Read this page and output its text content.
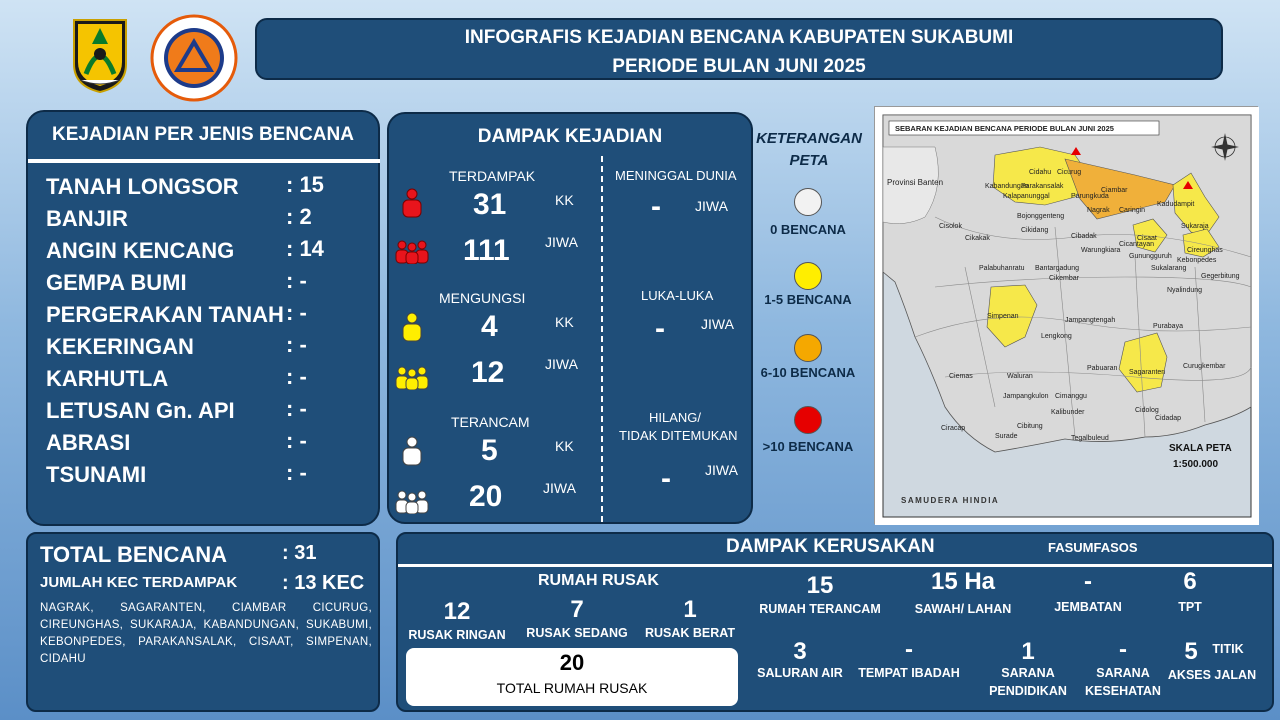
INFOGRAFIS KEJADIAN BENCANA KABUPATEN SUKABUMI
PERIODE BULAN JUNI 2025
KEJADIAN PER JENIS BENCANA
TANAH LONGSOR : 15
BANJIR	: 2
ANGIN KENCANG : 14
GEMPA BUMI	: -
PERGERAKAN TANAH : -
KEKERINGAN	: -
KARHUTLA	: -
LETUSAN Gn. API : -
ABRASI	: -
TSUNAMI	: -
DAMPAK KEJADIAN
TERDAMPAK
31	KK
111	JIWA
MENGUNGSI
4	KK
12	JIWA
TERANCAM
5	KK
20	JIWA
MENINGGAL DUNIA
- JIWA
LUKA-LUKA
-	JIWA
HILANG/
TIDAK DITEMUKAN
- JIWA
KETERANGAN
PETA
0 BENCANA
1-5 BENCANA
6-10 BENCANA
>10 BENCANA
SEBARAN KEJADIAN BENCANA PERIODE BULAN JUNI 2025
Provinsi Banten
SAMUDERA HINDIA
SKALA PETA
1:500.000
Cidahu Cicurug
Kabandungan
Parakansalak
Kalapanunggal	Parungkuda
Ciambar
Kadudampit
Cisolok
Bojonggenteng
Nagrak Caringin
Sukaraja
Cikakak
Cikidang
Cibadak	Cisaat
Cireunghas
Warungkiara
Cicantayan
Gunungguruh
Kebonpedes
Gegerbitung
Palabuhanratu Bantargadung	Sukalarang
Cikembar
Simpenan
Nyalindung
Lengkong
Jampangtengah
Purabaya
Sagaranten
Pabuaran	Curugkembar
Ciemas	Waluran
Cidolog
Jampangkulon
Cidadap
Ciracap
Surade
Cibitung
Kalibunder
Tegalbuleud
Cimanggu
TOTAL BENCANA	: 31
JUMLAH KEC TERDAMPAK : 13 KEC
NAGRAK, SAGARANTEN, CIAMBAR CICURUG, CIREUNGHAS, SUKARAJA, KABANDUNGAN, SUKABUMI, KEBONPEDES, PARAKANSALAK, CISAAT, SIMPENAN, CIDAHU
DAMPAK KERUSAKAN	FASUMFASOS
RUMAH RUSAK
12
RUSAK RINGAN
7
RUSAK SEDANG
1
RUSAK BERAT
20
TOTAL RUMAH RUSAK
15
RUMAH TERANCAM
15 Ha
SAWAH/ LAHAN
-
JEMBATAN
6
TPT
3
SALURAN AIR
-
TEMPAT IBADAH
1
SARANA
PENDIDIKAN
-
SARANA
KESEHATAN
5	TITIK
AKSES JALAN
